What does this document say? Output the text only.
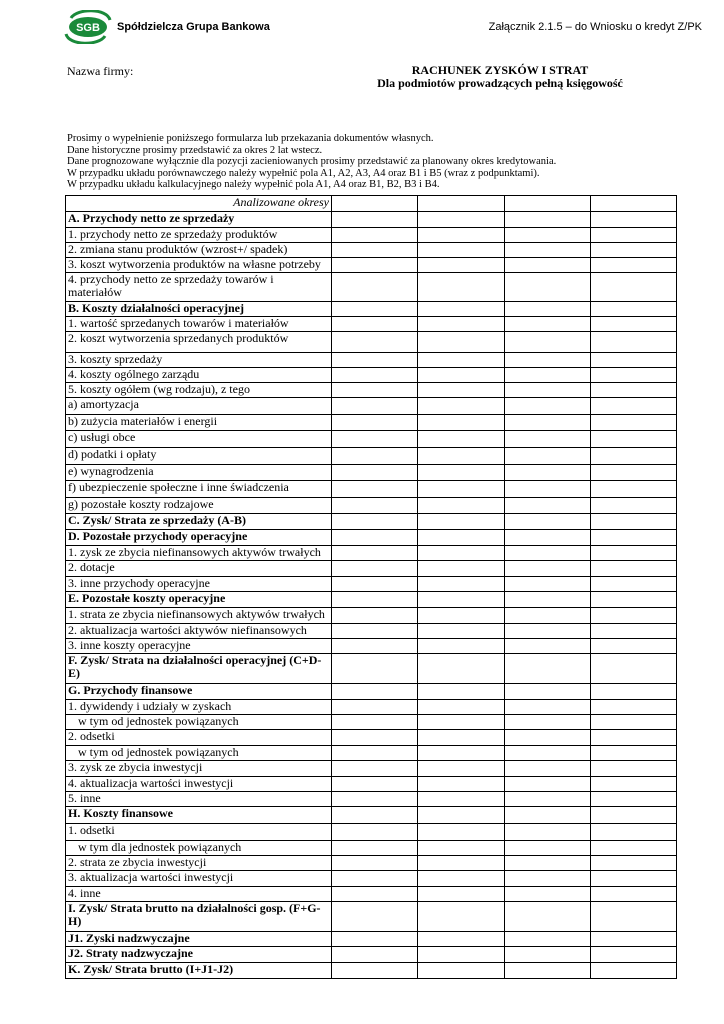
SGB Spółdzielcza Grupa Bankowa	Załącznik 2.1.5 – do Wniosku o kredyt Z/PK
Nazwa firmy:	RACHUNEK ZYSKÓW I STRAT
Dla podmiotów prowadzących pełną księgowość
Prosimy o wypełnienie poniższego formularza lub przekazania dokumentów własnych.
Dane historyczne prosimy przedstawić za okres 2 lat wstecz.
Dane prognozowane wyłącznie dla pozycji zacieniowanych prosimy przedstawić za planowany okres kredytowania.
W przypadku układu porównawczego należy wypełnić pola A1, A2, A3, A4 oraz B1 i B5 (wraz z podpunktami).
W przypadku układu kalkulacyjnego należy wypełnić pola A1, A4 oraz B1, B2, B3 i B4.
Analizowane okresy				
A. Przychody netto ze sprzedaży				
1. przychody netto ze sprzedaży produktów				
2. zmiana stanu produktów (wzrost+/ spadek)				
3. koszt wytworzenia produktów na własne potrzeby				
4. przychody netto ze sprzedaży towarów i materiałów				
B. Koszty działalności operacyjnej				
1. wartość sprzedanych towarów i materiałów				
2. koszt wytworzenia sprzedanych produktów				
3. koszty sprzedaży				
4. koszty ogólnego zarządu				
5. koszty ogółem (wg rodzaju), z tego				
a) amortyzacja				
b) zużycia materiałów i energii				
c) usługi obce				
d) podatki i opłaty				
e) wynagrodzenia				
f) ubezpieczenie społeczne i inne świadczenia				
g) pozostałe koszty rodzajowe				
C. Zysk/ Strata ze sprzedaży (A-B)				
D. Pozostałe przychody operacyjne				
1. zysk ze zbycia niefinansowych aktywów trwałych				
2. dotacje				
3. inne przychody operacyjne				
E. Pozostałe koszty operacyjne				
1. strata ze zbycia niefinansowych aktywów trwałych				
2. aktualizacja wartości aktywów niefinansowych				
3. inne koszty operacyjne				
F. Zysk/ Strata na działalności operacyjnej (C+D-E)				
G. Przychody finansowe				
1. dywidendy i udziały w zyskach				
w tym od jednostek powiązanych				
2. odsetki				
w tym od jednostek powiązanych				
3. zysk ze zbycia inwestycji				
4. aktualizacja wartości inwestycji				
5. inne				
H. Koszty finansowe				
1. odsetki				
w tym dla jednostek powiązanych				
2. strata ze zbycia inwestycji				
3. aktualizacja wartości inwestycji				
4. inne				
I. Zysk/ Strata brutto na działalności gosp. (F+G-H)				
J1. Zyski nadzwyczajne				
J2. Straty nadzwyczajne				
K. Zysk/ Strata brutto (I+J1-J2)				
